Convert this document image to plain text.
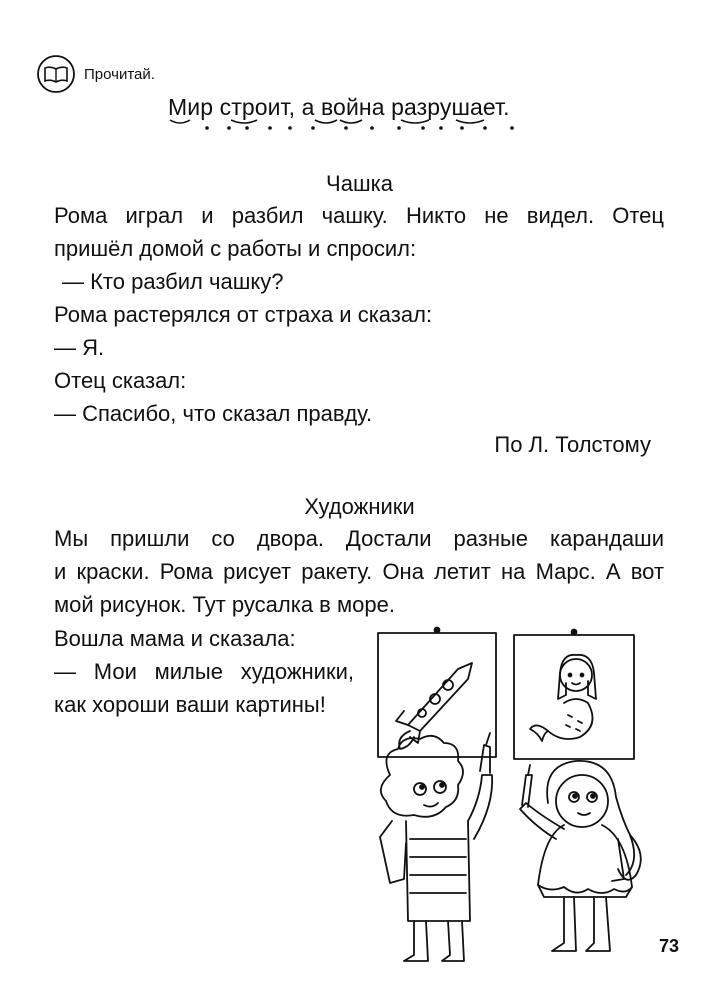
Прочитай.
Мир строит, а война разрушает.
Чашка
Рома играл и разбил чашку. Никто не видел. Отец
пришёл домой с работы и спросил:
— Кто разбил чашку?
Рома растерялся от страха и сказал:
— Я.
Отец сказал:
— Спасибо, что сказал правду.
По Л. Толстому
Художники
Мы пришли со двора. Достали разные карандаши
и краски. Рома рисует ракету. Она летит на Марс. А вот
мой рисунок. Тут русалка в море.
Вошла мама и сказала:
— Мои милые художники,
как хороши ваши картины!
73
